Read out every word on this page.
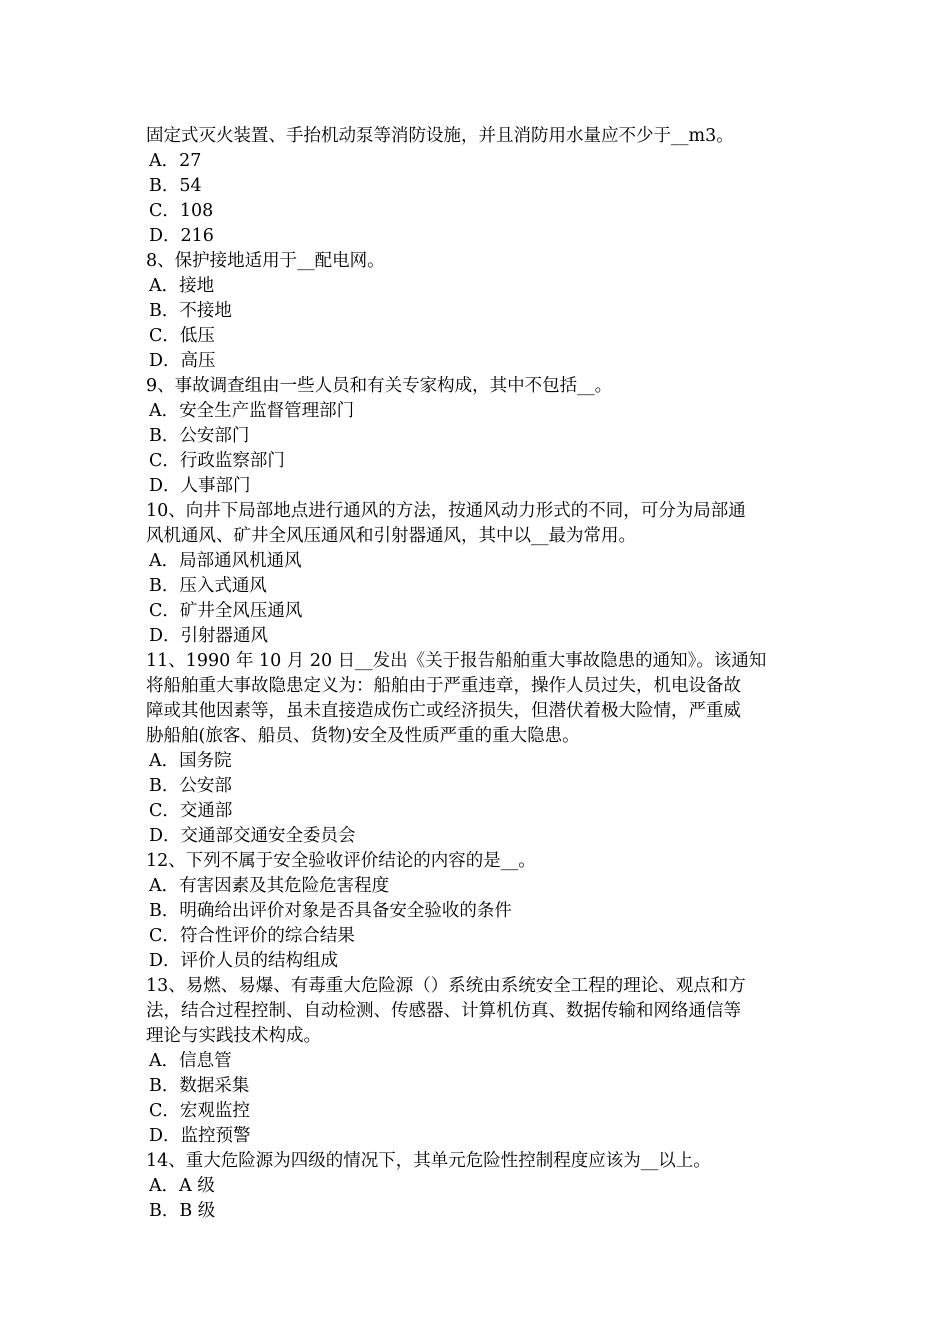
固定式灭火装置、手抬机动泵等消防设施，并且消防用水量应不少于__m3。
A．27
B．54
C．108
D．216
8、保护接地适用于__配电网。
A．接地
B．不接地
C．低压
D．高压
9、事故调查组由一些人员和有关专家构成，其中不包括__。
A．安全生产监督管理部门
B．公安部门
C．行政监察部门
D．人事部门
10、向井下局部地点进行通风的方法，按通风动力形式的不同，可分为局部通
风机通风、矿井全风压通风和引射器通风，其中以__最为常用。
A．局部通风机通风
B．压入式通风
C．矿井全风压通风
D．引射器通风
11、1990 年 10 月 20 日__发出《关于报告船舶重大事故隐患的通知》。该通知
将船舶重大事故隐患定义为：船舶由于严重违章，操作人员过失，机电设备故
障或其他因素等，虽未直接造成伤亡或经济损失，但潜伏着极大险情，严重威
胁船舶(旅客、船员、货物)安全及性质严重的重大隐患。
A．国务院
B．公安部
C．交通部
D．交通部交通安全委员会
12、下列不属于安全验收评价结论的内容的是__。
A．有害因素及其危险危害程度
B．明确给出评价对象是否具备安全验收的条件
C．符合性评价的综合结果
D．评价人员的结构组成
13、易燃、易爆、有毒重大危险源（）系统由系统安全工程的理论、观点和方
法，结合过程控制、自动检测、传感器、计算机仿真、数据传输和网络通信等
理论与实践技术构成。
A．信息管
B．数据采集
C．宏观监控
D．监控预警
14、重大危险源为四级的情况下，其单元危险性控制程度应该为__以上。
A．A 级
B．B 级
